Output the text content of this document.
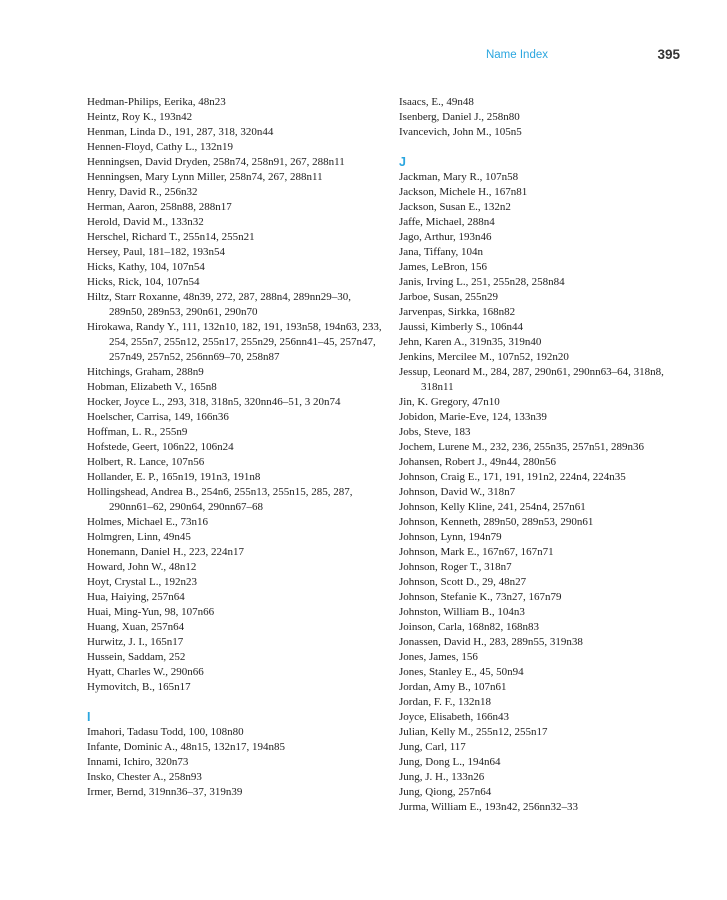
Name Index	395

Hedman-Philips, Eerika, 48n23

Heintz, Roy K., 193n42

Henman, Linda D., 191, 287, 318, 320n44

Hennen-Floyd, Cathy L., 132n19

Henningsen, David Dryden, 258n74, 258n91, 267, 288n11

Henningsen, Mary Lynn Miller, 258n74, 267, 288n11

Henry, David R., 256n32

Herman, Aaron, 258n88, 288n17

Herold, David M., 133n32

Herschel, Richard T., 255n14, 255n21

Hersey, Paul, 181–182, 193n54

Hicks, Kathy, 104, 107n54

Hicks, Rick, 104, 107n54

Hiltz, Starr Roxanne, 48n39, 272, 287, 288n4, 289nn29–30, 289n50, 289n53, 290n61, 290n70

Hirokawa, Randy Y., 111, 132n10, 182, 191, 193n58, 194n63, 233, 254, 255n7, 255n12, 255n17, 255n29, 256nn41–45, 257n47, 257n49, 257n52, 256nn69–70, 258n87

Hitchings, Graham, 288n9

Hobman, Elizabeth V., 165n8

Hocker, Joyce L., 293, 318, 318n5, 320nn46–51, 3 20n74

Hoelscher, Carrisa, 149, 166n36

Hoffman, L. R., 255n9

Hofstede, Geert, 106n22, 106n24

Holbert, R. Lance, 107n56

Hollander, E. P., 165n19, 191n3, 191n8

Hollingshead, Andrea B., 254n6, 255n13, 255n15, 285, 287, 290nn61–62, 290n64, 290nn67–68

Holmes, Michael E., 73n16

Holmgren, Linn, 49n45

Honemann, Daniel H., 223, 224n17

Howard, John W., 48n12

Hoyt, Crystal L., 192n23

Hua, Haiying, 257n64

Huai, Ming-Yun, 98, 107n66

Huang, Xuan, 257n64

Hurwitz, J. I., 165n17

Hussein, Saddam, 252

Hyatt, Charles W., 290n66

Hymovitch, B., 165n17

I

Imahori, Tadasu Todd, 100, 108n80

Infante, Dominic A., 48n15, 132n17, 194n85

Innami, Ichiro, 320n73

Insko, Chester A., 258n93

Irmer, Bernd, 319nn36–37, 319n39

Isaacs, E., 49n48

Isenberg, Daniel J., 258n80

Ivancevich, John M., 105n5

J

Jackman, Mary R., 107n58

Jackson, Michele H., 167n81

Jackson, Susan E., 132n2

Jaffe, Michael, 288n4

Jago, Arthur, 193n46

Jana, Tiffany, 104n

James, LeBron, 156

Janis, Irving L., 251, 255n28, 258n84

Jarboe, Susan, 255n29

Jarvenpas, Sirkka, 168n82

Jaussi, Kimberly S., 106n44

Jehn, Karen A., 319n35, 319n40

Jenkins, Mercilee M., 107n52, 192n20

Jessup, Leonard M., 284, 287, 290n61, 290nn63–64, 318n8, 318n11

Jin, K. Gregory, 47n10

Jobidon, Marie-Eve, 124, 133n39

Jobs, Steve, 183

Jochem, Lurene M., 232, 236, 255n35, 257n51, 289n36

Johansen, Robert J., 49n44, 280n56

Johnson, Craig E., 171, 191, 191n2, 224n4, 224n35

Johnson, David W., 318n7

Johnson, Kelly Kline, 241, 254n4, 257n61

Johnson, Kenneth, 289n50, 289n53, 290n61

Johnson, Lynn, 194n79

Johnson, Mark E., 167n67, 167n71

Johnson, Roger T., 318n7

Johnson, Scott D., 29, 48n27

Johnson, Stefanie K., 73n27, 167n79

Johnston, William B., 104n3

Joinson, Carla, 168n82, 168n83

Jonassen, David H., 283, 289n55, 319n38

Jones, James, 156

Jones, Stanley E., 45, 50n94

Jordan, Amy B., 107n61

Jordan, F. F., 132n18

Joyce, Elisabeth, 166n43

Julian, Kelly M., 255n12, 255n17

Jung, Carl, 117

Jung, Dong L., 194n64

Jung, J. H., 133n26

Jung, Qiong, 257n64

Jurma, William E., 193n42, 256nn32–33
